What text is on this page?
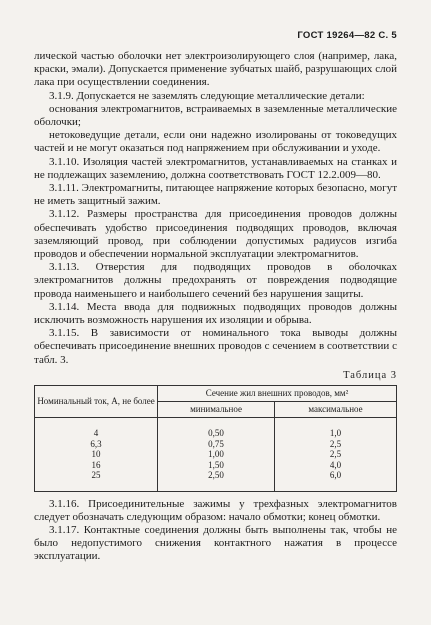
ГОСТ 19264—82 С. 5

лической частью оболочки нет электроизолирующего слоя (например, лака, краски, эмали). Допускается применение зубчатых шайб, разрушающих слой лака при осуществлении соединения.

3.1.9. Допускается не заземлять следующие металлические детали:

основания электромагнитов, встраиваемых в заземленные металлические оболочки;

нетоковедущие детали, если они надежно изолированы от токоведущих частей и не могут оказаться под напряжением при обслуживании и уходе.

3.1.10. Изоляция частей электромагнитов, устанавливаемых на станках и не подлежащих заземлению, должна соответствовать ГОСТ 12.2.009—80.

3.1.11. Электромагниты, питающее напряжение которых безопасно, могут не иметь защитный зажим.

3.1.12. Размеры пространства для присоединения проводов должны обеспечивать удобство присоединения подводящих проводов, включая заземляющий провод, при соблюдении допустимых радиусов изгиба проводов и обеспечении нормальной эксплуатации электромагнитов.

3.1.13. Отверстия для подводящих проводов в оболочках электромагнитов должны предохранять от повреждения подводящие провода наименьшего и наибольшего сечений без нарушения защиты.

3.1.14. Места ввода для подвижных подводящих проводов должны исключить возможность нарушения их изоляции и обрыва.

3.1.15. В зависимости от номинального тока выводы должны обеспечивать присоединение внешних проводов с сечением в соответствии с табл. 3.

Таблица 3
Номинальный ток, А, не более	Сечение жил внешних проводов, мм²	
	минимальное	максимальное
4	0,50	1,0
6,3	0,75	2,5
10	1,00	2,5
16	1,50	4,0
25	2,50	6,0

3.1.16. Присоединительные зажимы у трехфазных электромагнитов следует обозначать следующим образом: начало обмотки; конец обмотки.

3.1.17. Контактные соединения должны быть выполнены так, чтобы не было недопустимого снижения контактного нажатия в процессе эксплуатации.
